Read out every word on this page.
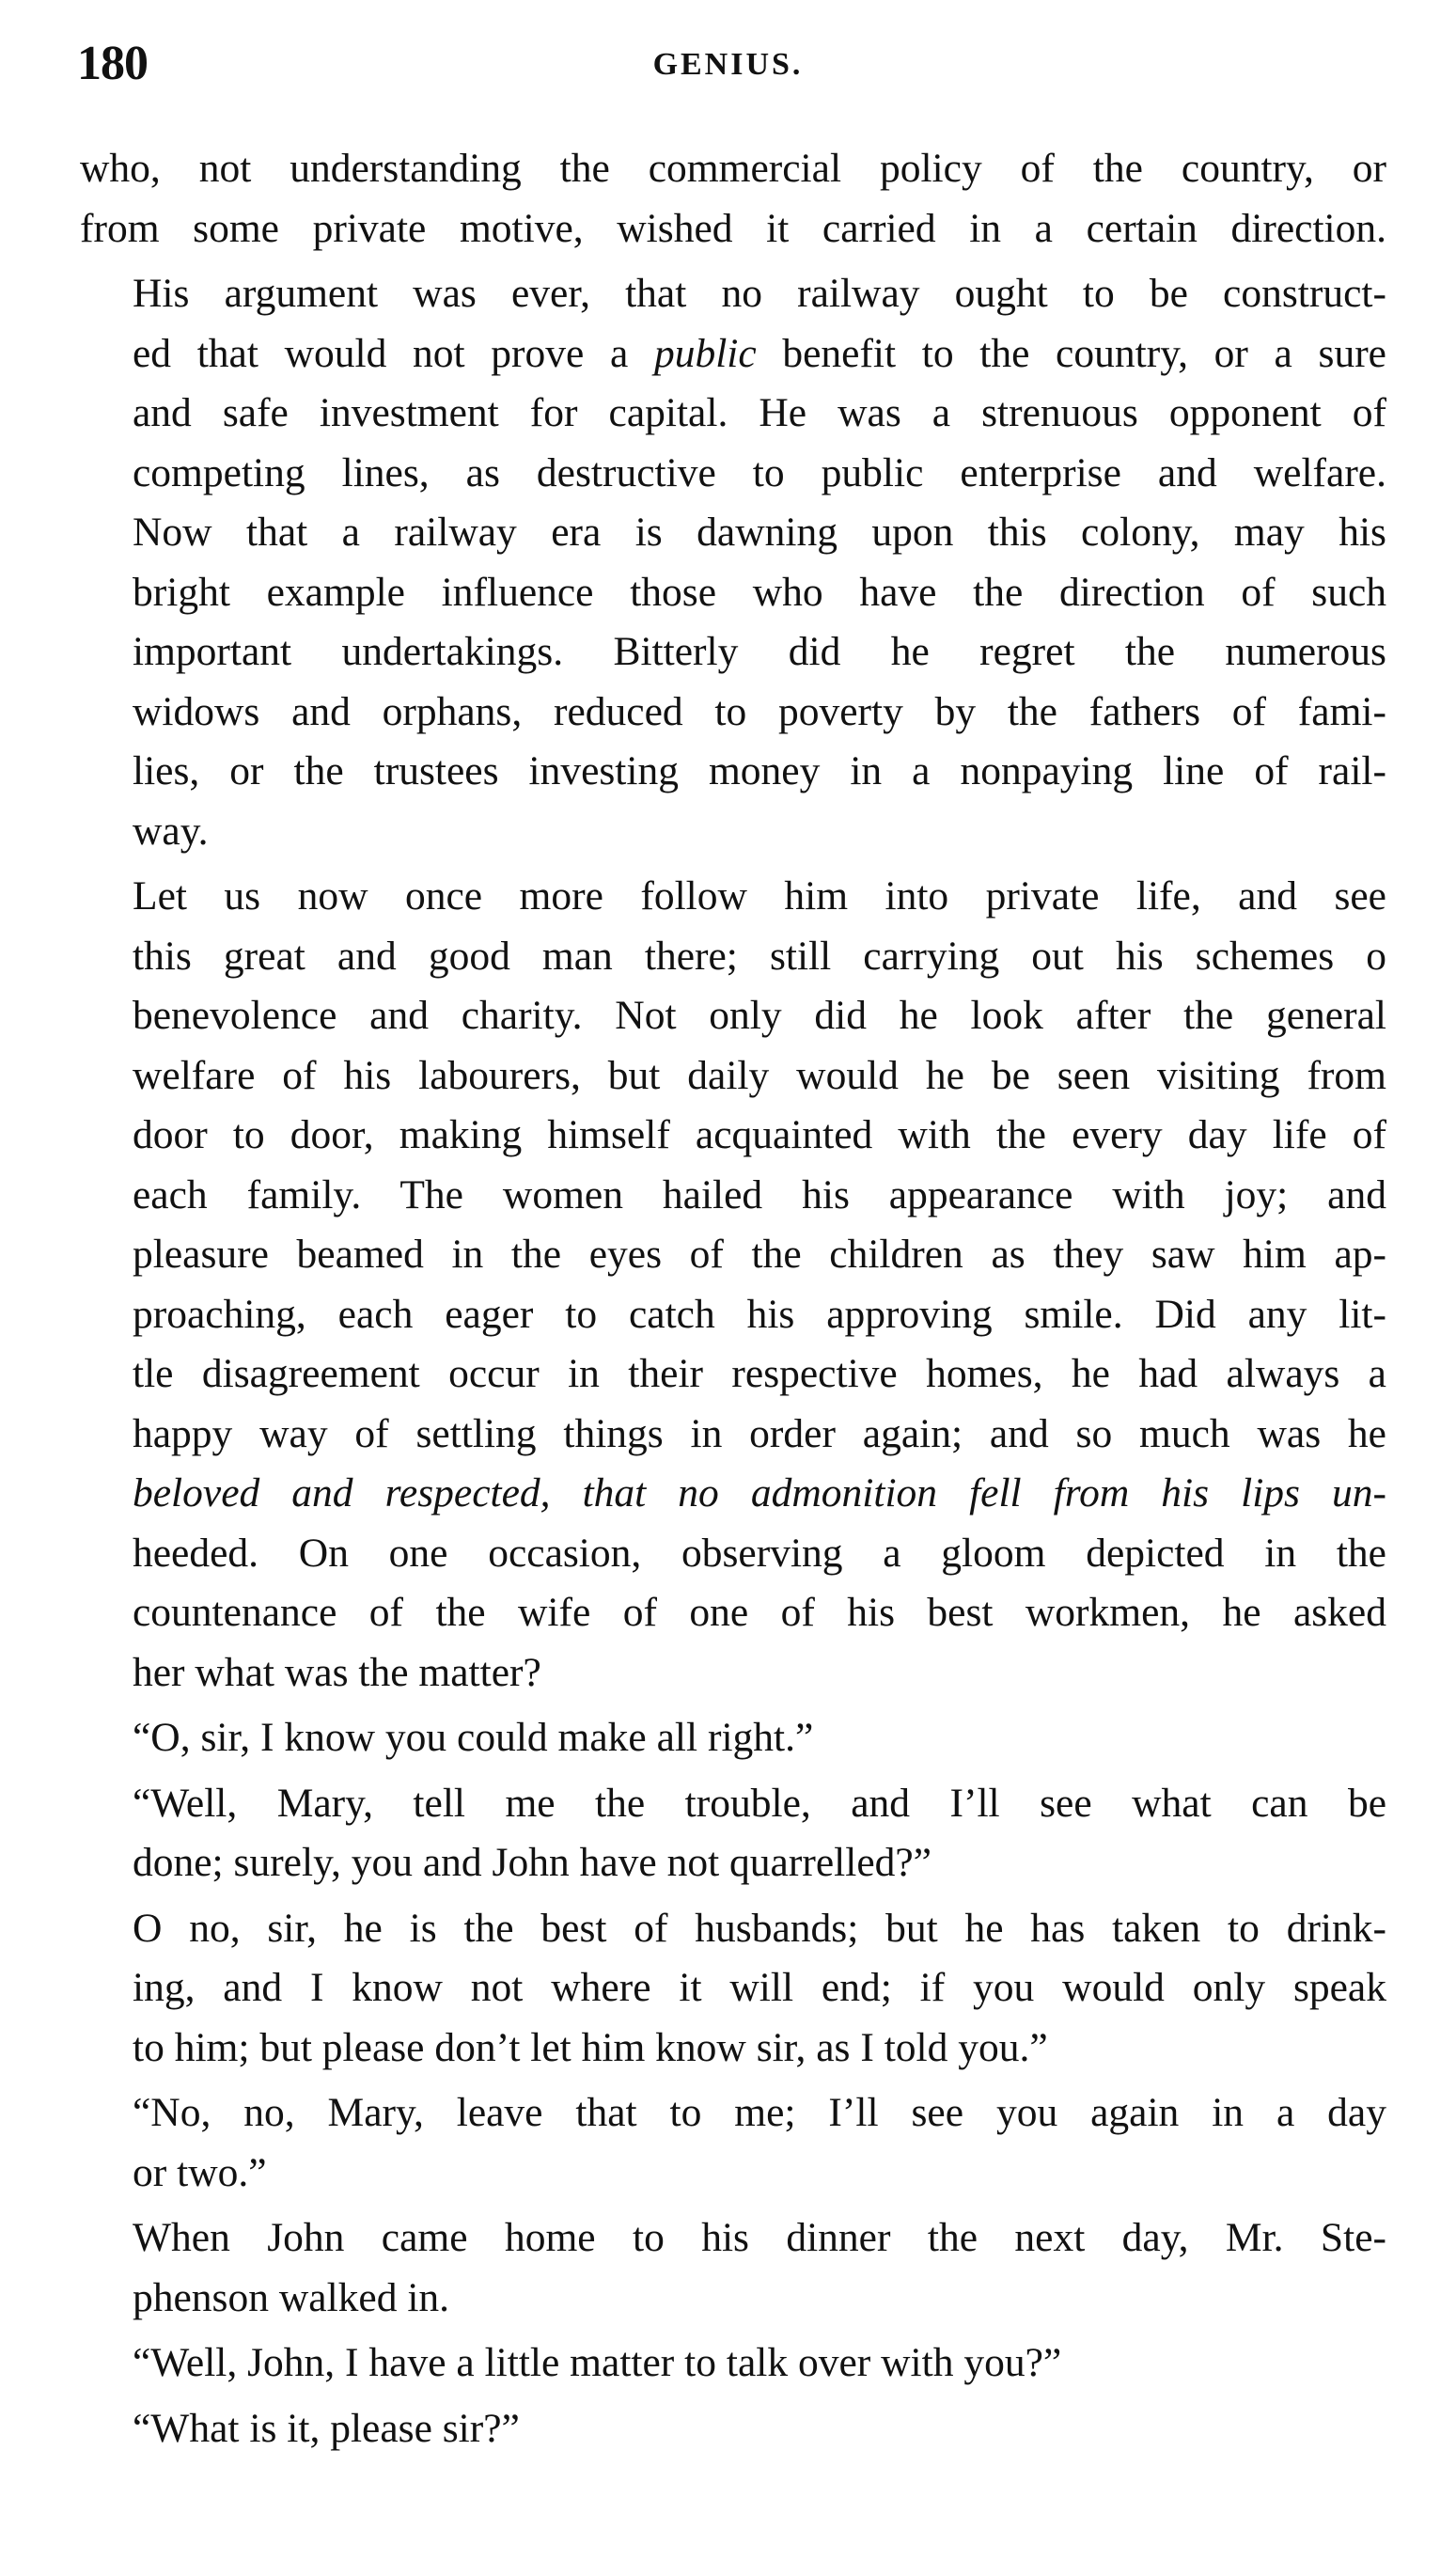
180	GENIUS.

who, not understanding the commercial policy of the country, or
from some private motive, wished it carried in a certain direction.

His argument was ever, that no railway ought to be construct-
ed that would not prove a public benefit to the country, or a sure
and safe investment for capital. He was a strenuous opponent of
competing lines, as destructive to public enterprise and welfare.
Now that a railway era is dawning upon this colony, may his
bright example influence those who have the direction of such
important undertakings. Bitterly did he regret the numerous
widows and orphans, reduced to poverty by the fathers of fami-
lies, or the trustees investing money in a nonpaying line of rail-
way.

Let us now once more follow him into private life, and see
this great and good man there; still carrying out his schemes o
benevolence and charity. Not only did he look after the general
welfare of his labourers, but daily would he be seen visiting from
door to door, making himself acquainted with the every day life of
each family. The women hailed his appearance with joy; and
pleasure beamed in the eyes of the children as they saw him ap-
proaching, each eager to catch his approving smile. Did any lit-
tle disagreement occur in their respective homes, he had always a
happy way of settling things in order again; and so much was he
beloved and respected, that no admonition fell from his lips un-
heeded. On one occasion, observing a gloom depicted in the
countenance of the wife of one of his best workmen, he asked
her what was the matter?

“O, sir, I know you could make all right.”

“Well, Mary, tell me the trouble, and I’ll see what can be
done; surely, you and John have not quarrelled?”

O no, sir, he is the best of husbands; but he has taken to drink-
ing, and I know not where it will end; if you would only speak
to him; but please don’t let him know sir, as I told you.”

“No, no, Mary, leave that to me; I’ll see you again in a day
or two.”

When John came home to his dinner the next day, Mr. Ste-
phenson walked in.

“Well, John, I have a little matter to talk over with you?”

“What is it, please sir?”
